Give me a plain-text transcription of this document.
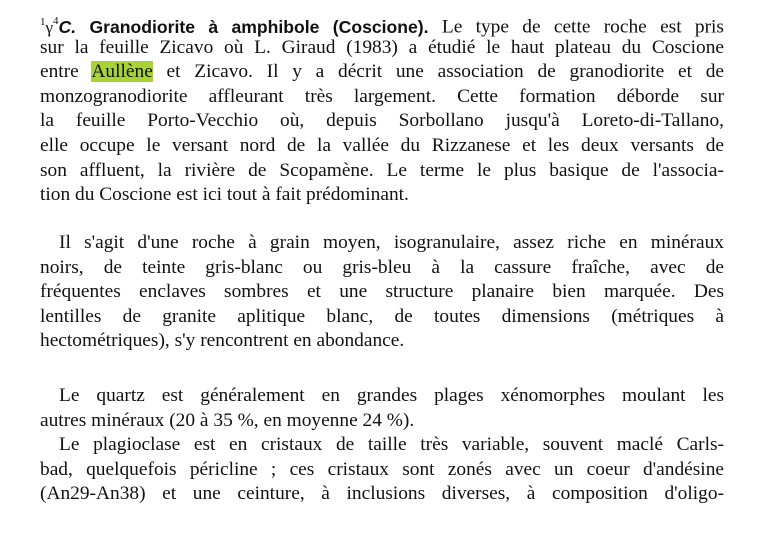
$^1\gamma^4C$. Granodiorite à amphibole (Coscione). Le type de cette roche est pris
sur la feuille Zicavo où L. Giraud (1983) a étudié le haut plateau du Coscione
entre Aullène et Zicavo. Il y a décrit une association de granodiorite et de
monzogranodiorite affleurant très largement. Cette formation déborde sur
la feuille Porto-Vecchio où, depuis Sorbollano jusqu'à Loreto-di-Tallano,
elle occupe le versant nord de la vallée du Rizzanese et les deux versants de
son affluent, la rivière de Scopamène. Le terme le plus basique de l'associa-
tion du Coscione est ici tout à fait prédominant.
Il s'agit d'une roche à grain moyen, isogranulaire, assez riche en minéraux
noirs, de teinte gris-blanc ou gris-bleu à la cassure fraîche, avec de
fréquentes enclaves sombres et une structure planaire bien marquée. Des
lentilles de granite aplitique blanc, de toutes dimensions (métriques à
hectométriques), s'y rencontrent en abondance.
Le quartz est généralement en grandes plages xénomorphes moulant les
autres minéraux (20 à 35 %, en moyenne 24 %).
Le plagioclase est en cristaux de taille très variable, souvent maclé Carls-
bad, quelquefois péricline ; ces cristaux sont zonés avec un coeur d'andésine
(An29-An38) et une ceinture, à inclusions diverses, à composition d'oligo-
